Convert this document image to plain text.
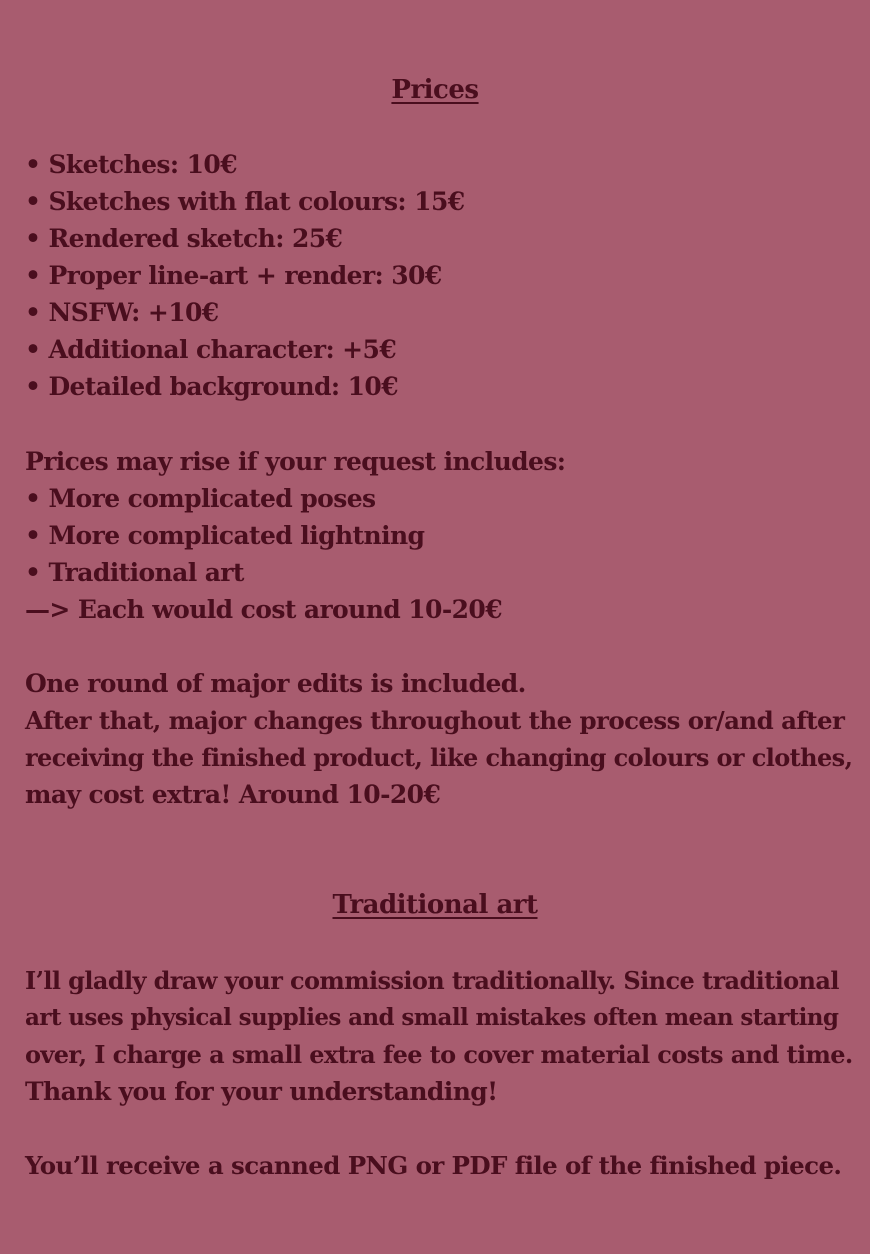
Prices
• Sketches: 10€
• Sketches with flat colours: 15€
• Rendered sketch: 25€
• Proper line-art + render: 30€
• NSFW: +10€
• Additional character: +5€
• Detailed background: 10€
Prices may rise if your request includes:
• More complicated poses
• More complicated lightning
• Traditional art
—> Each would cost around 10-20€
One round of major edits is included.
After that, major changes throughout the process or/and after
receiving the finished product, like changing colours or clothes,
may cost extra! Around 10-20€
Traditional art
I’ll gladly draw your commission traditionally. Since traditional
art uses physical supplies and small mistakes often mean starting
over, I charge a small extra fee to cover material costs and time.
Thank you for your understanding!
You’ll receive a scanned PNG or PDF file of the finished piece.
